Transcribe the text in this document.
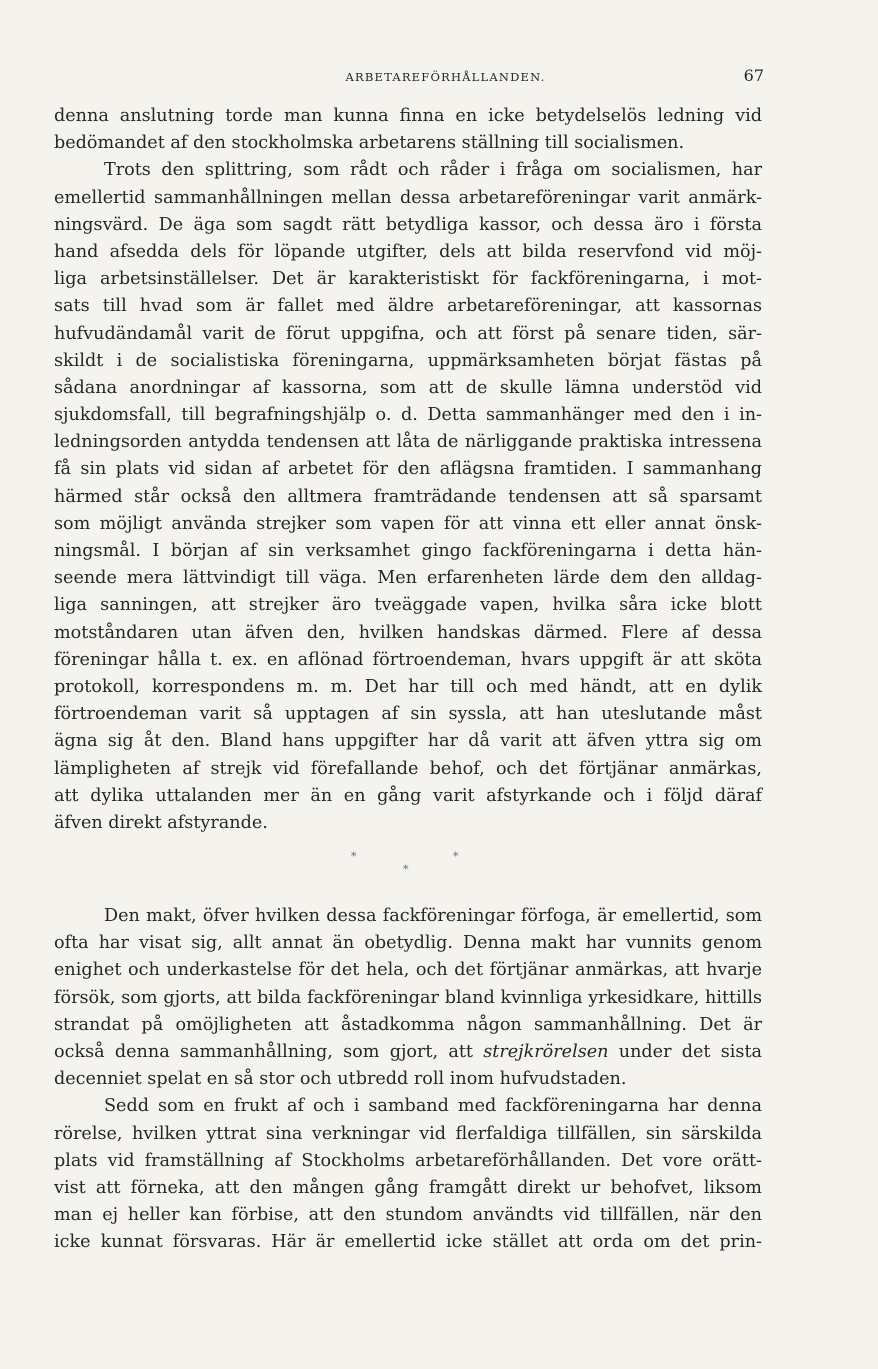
ARBETAREFÖRHÅLLANDEN.	67
denna anslutning torde man kunna finna en icke betydelselös ledning vid
bedömandet af den stockholmska arbetarens ställning till socialismen.
Trots den splittring, som rådt och råder i fråga om socialismen, har
emellertid sammanhållningen mellan dessa arbetareföreningar varit anmärk-
ningsvärd. De äga som sagdt rätt betydliga kassor, och dessa äro i första
hand afsedda dels för löpande utgifter, dels att bilda reservfond vid möj-
liga arbetsinställelser. Det är karakteristiskt för fackföreningarna, i mot-
sats till hvad som är fallet med äldre arbetareföreningar, att kassornas
hufvudändamål varit de förut uppgifna, och att först på senare tiden, sär-
skildt i de socialistiska föreningarna, uppmärksamheten börjat fästas på
sådana anordningar af kassorna, som att de skulle lämna understöd vid
sjukdomsfall, till begrafningshjälp o. d. Detta sammanhänger med den i in-
ledningsorden antydda tendensen att låta de närliggande praktiska intressena
få sin plats vid sidan af arbetet för den aflägsna framtiden. I sammanhang
härmed står också den alltmera framträdande tendensen att så sparsamt
som möjligt använda strejker som vapen för att vinna ett eller annat önsk-
ningsmål. I början af sin verksamhet gingo fackföreningarna i detta hän-
seende mera lättvindigt till väga. Men erfarenheten lärde dem den alldag-
liga sanningen, att strejker äro tveäggade vapen, hvilka såra icke blott
motståndaren utan äfven den, hvilken handskas därmed. Flere af dessa
föreningar hålla t. ex. en aflönad förtroendeman, hvars uppgift är att sköta
protokoll, korrespondens m. m. Det har till och med händt, att en dylik
förtroendeman varit så upptagen af sin syssla, att han uteslutande måst
ägna sig åt den. Bland hans uppgifter har då varit att äfven yttra sig om
lämpligheten af strejk vid förefallande behof, och det förtjänar anmärkas,
att dylika uttalanden mer än en gång varit afstyrkande och i följd däraf
äfven direkt afstyrande.
*	*
*
Den makt, öfver hvilken dessa fackföreningar förfoga, är emellertid, som
ofta har visat sig, allt annat än obetydlig. Denna makt har vunnits genom
enighet och underkastelse för det hela, och det förtjänar anmärkas, att hvarje
försök, som gjorts, att bilda fackföreningar bland kvinnliga yrkesidkare, hittills
strandat på omöjligheten att åstadkomma någon sammanhållning. Det är
också denna sammanhållning, som gjort, att strejkrörelsen under det sista
decenniet spelat en så stor och utbredd roll inom hufvudstaden.
Sedd som en frukt af och i samband med fackföreningarna har denna
rörelse, hvilken yttrat sina verkningar vid flerfaldiga tillfällen, sin särskilda
plats vid framställning af Stockholms arbetareförhållanden. Det vore orätt-
vist att förneka, att den mången gång framgått direkt ur behofvet, liksom
man ej heller kan förbise, att den stundom användts vid tillfällen, när den
icke kunnat försvaras. Här är emellertid icke stället att orda om det prin-
